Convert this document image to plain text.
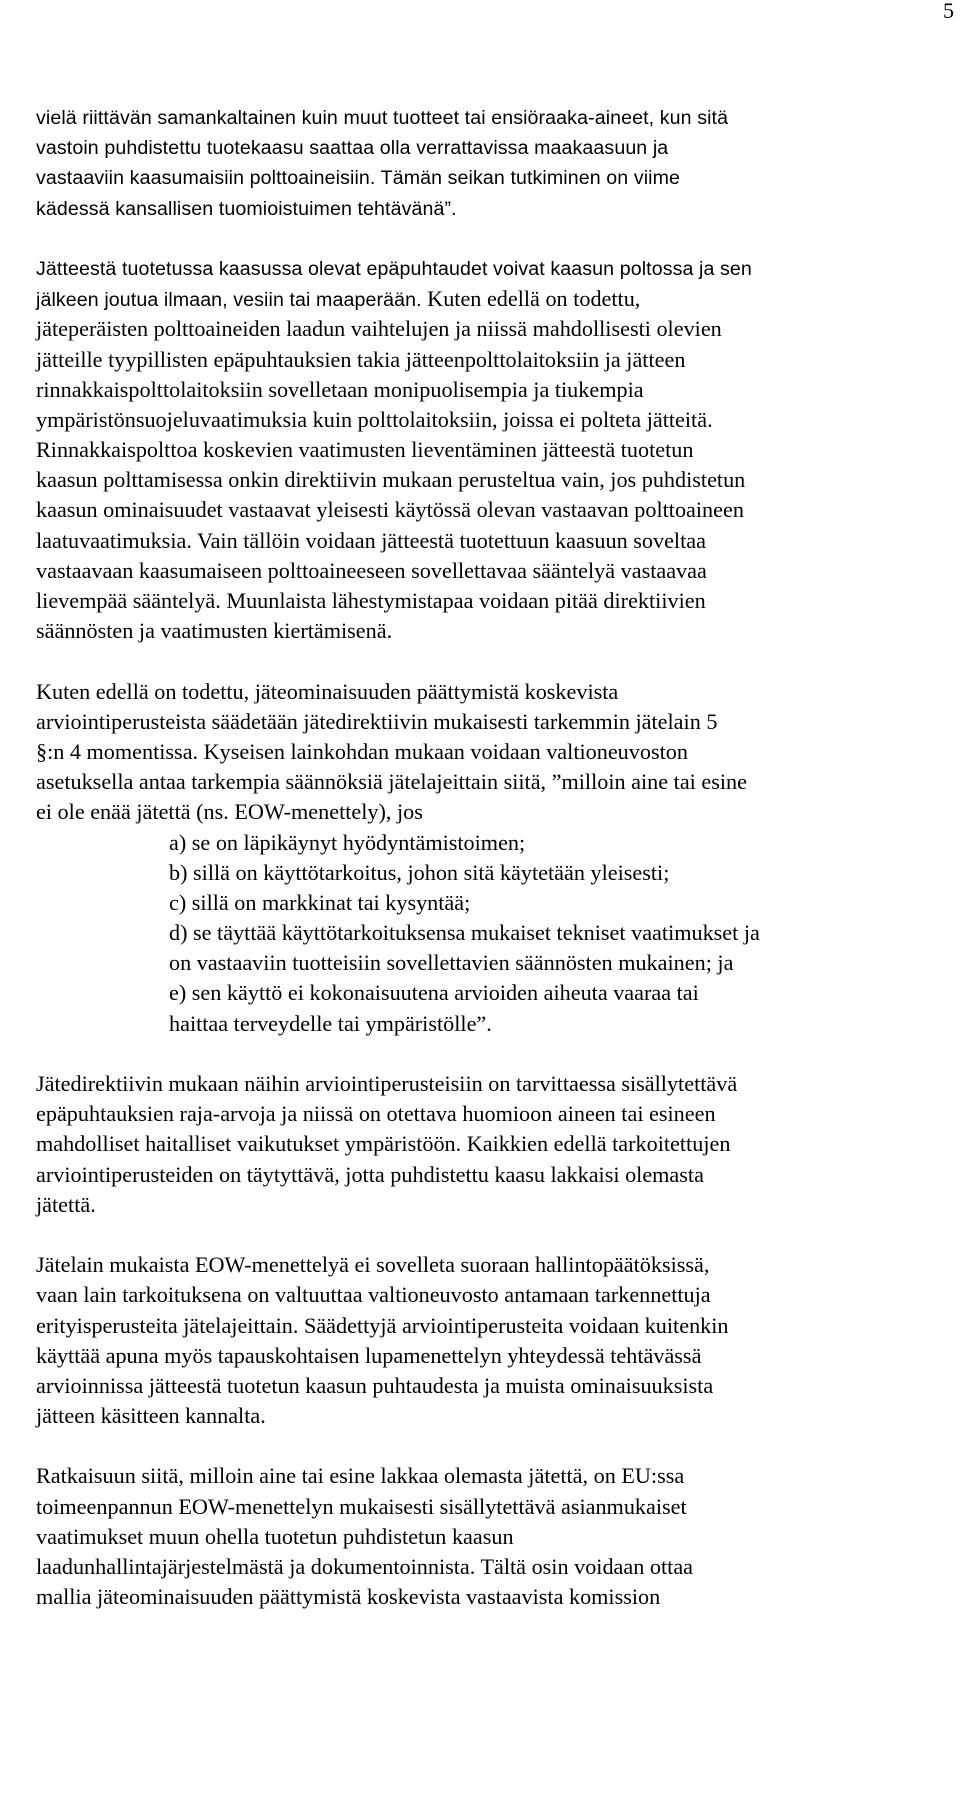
5
vielä riittävän samankaltainen kuin muut tuotteet tai ensiöraaka-aineet, kun sitä
vastoin puhdistettu tuotekaasu saattaa olla verrattavissa maakaasuun ja
vastaaviin kaasumaisiin polttoaineisiin. Tämän seikan tutkiminen on viime
kädessä kansallisen tuomioistuimen tehtävänä”.
Jätteestä tuotetussa kaasussa olevat epäpuhtaudet voivat kaasun poltossa ja sen
jälkeen joutua ilmaan, vesiin tai maaperään. Kuten edellä on todettu,
jäteperäisten polttoaineiden laadun vaihtelujen ja niissä mahdollisesti olevien
jätteille tyypillisten epäpuhtauksien takia jätteenpolttolaitoksiin ja jätteen
rinnakkaispolttolaitoksiin sovelletaan monipuolisempia ja tiukempia
ympäristönsuojeluvaatimuksia kuin polttolaitoksiin, joissa ei polteta jätteitä.
Rinnakkaispolttoa koskevien vaatimusten lieventäminen jätteestä tuotetun
kaasun polttamisessa onkin direktiivin mukaan perusteltua vain, jos puhdistetun
kaasun ominaisuudet vastaavat yleisesti käytössä olevan vastaavan polttoaineen
laatuvaatimuksia. Vain tällöin voidaan jätteestä tuotettuun kaasuun soveltaa
vastaavaan kaasumaiseen polttoaineeseen sovellettavaa sääntelyä vastaavaa
lievempää sääntelyä. Muunlaista lähestymistapaa voidaan pitää direktiivien
säännösten ja vaatimusten kiertämisenä.
Kuten edellä on todettu, jäteominaisuuden päättymistä koskevista
arviointiperusteista säädetään jätedirektiivin mukaisesti tarkemmin jätelain 5
§:n 4 momentissa. Kyseisen lainkohdan mukaan voidaan valtioneuvoston
asetuksella antaa tarkempia säännöksiä jätelajeittain siitä, ”milloin aine tai esine
ei ole enää jätettä (ns. EOW-menettely), jos
a) se on läpikäynyt hyödyntämistoimen;
b) sillä on käyttötarkoitus, johon sitä käytetään yleisesti;
c) sillä on markkinat tai kysyntää;
d) se täyttää käyttötarkoituksensa mukaiset tekniset vaatimukset ja
on vastaaviin tuotteisiin sovellettavien säännösten mukainen; ja
e) sen käyttö ei kokonaisuutena arvioiden aiheuta vaaraa tai
haittaa terveydelle tai ympäristölle”.
Jätedirektiivin mukaan näihin arviointiperusteisiin on tarvittaessa sisällytettävä
epäpuhtauksien raja-arvoja ja niissä on otettava huomioon aineen tai esineen
mahdolliset haitalliset vaikutukset ympäristöön. Kaikkien edellä tarkoitettujen
arviointiperusteiden on täytyttävä, jotta puhdistettu kaasu lakkaisi olemasta
jätettä.
Jätelain mukaista EOW-menettelyä ei sovelleta suoraan hallintopäätöksissä,
vaan lain tarkoituksena on valtuuttaa valtioneuvosto antamaan tarkennettuja
erityisperusteita jätelajeittain. Säädettyjä arviointiperusteita voidaan kuitenkin
käyttää apuna myös tapauskohtaisen lupamenettelyn yhteydessä tehtävässä
arvioinnissa jätteestä tuotetun kaasun puhtaudesta ja muista ominaisuuksista
jätteen käsitteen kannalta.
Ratkaisuun siitä, milloin aine tai esine lakkaa olemasta jätettä, on EU:ssa
toimeenpannun EOW-menettelyn mukaisesti sisällytettävä asianmukaiset
vaatimukset muun ohella tuotetun puhdistetun kaasun
laadunhallintajärjestelmästä ja dokumentoinnista. Tältä osin voidaan ottaa
mallia jäteominaisuuden päättymistä koskevista vastaavista komission
